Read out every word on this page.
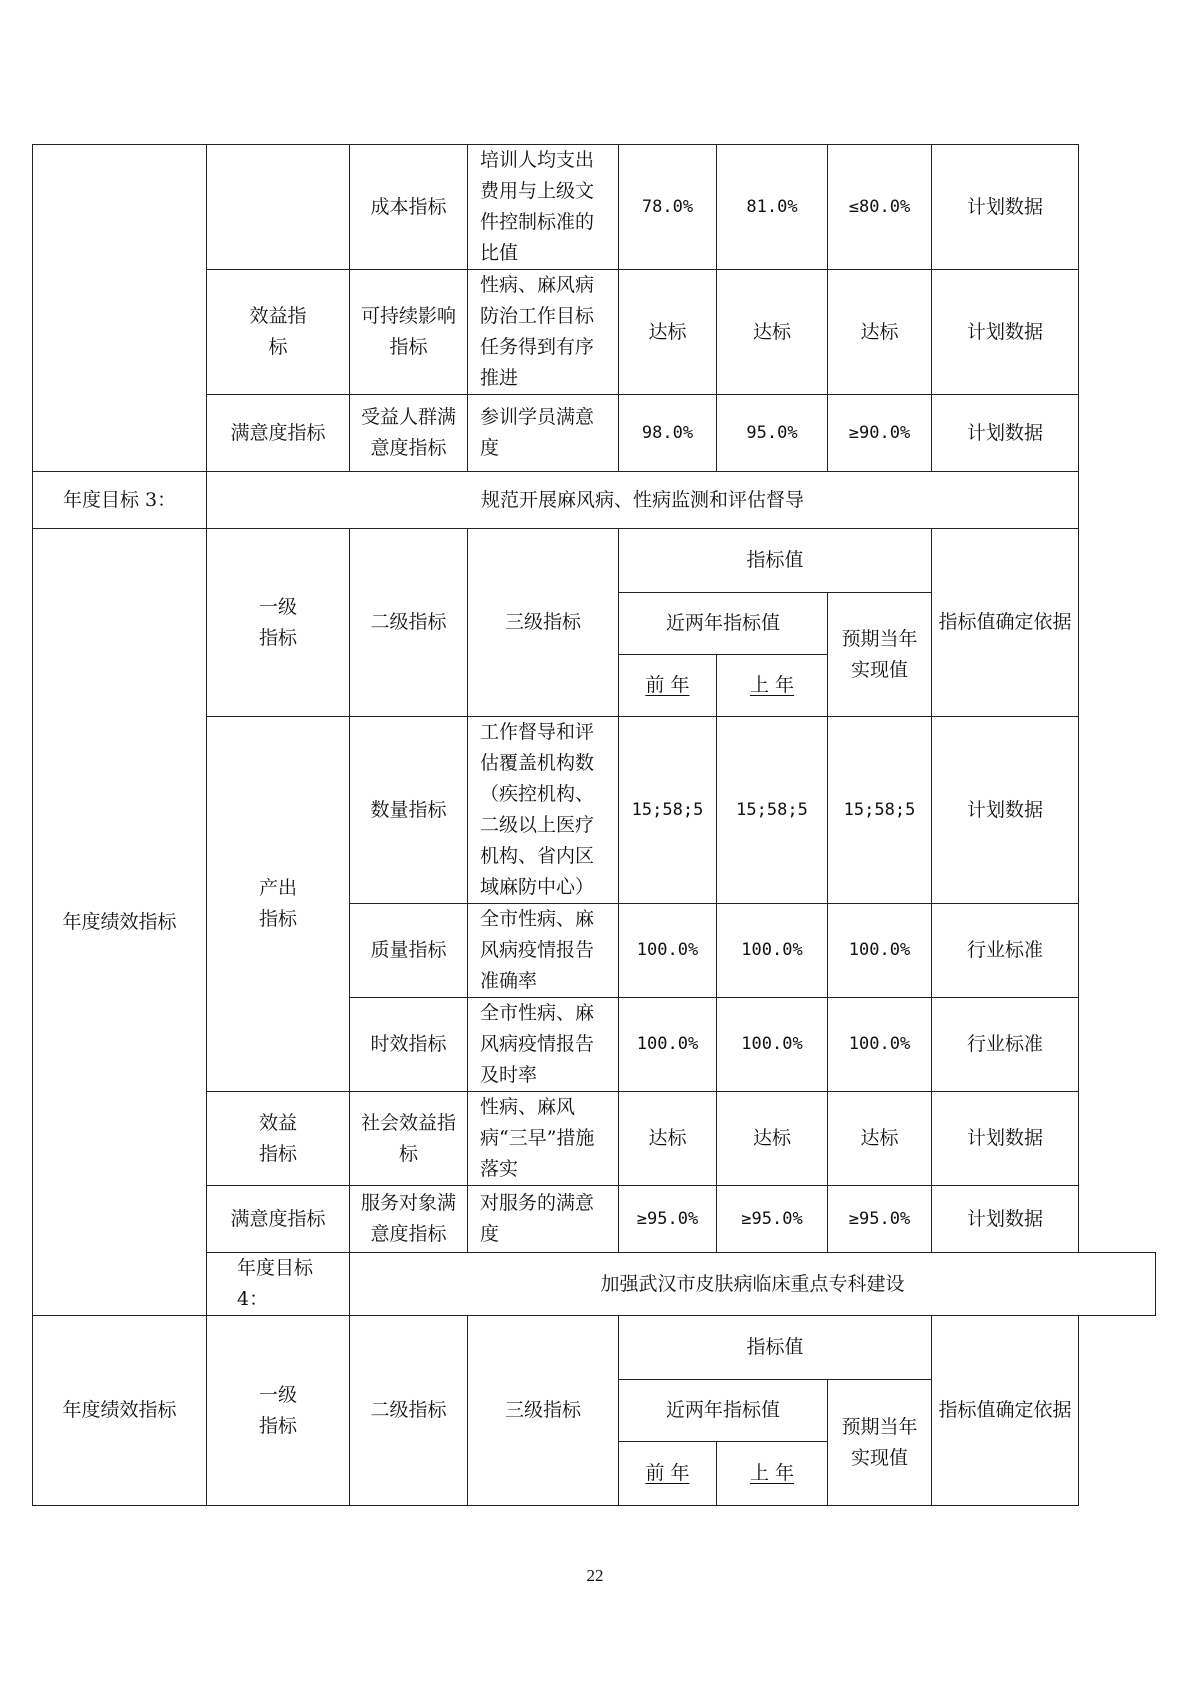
		成本指标	培训人均支出费用与上级文件控制标准的比值	78.0%	81.0%	≤80.0%	计划数据

	效益指标	可持续影响指标	性病、麻风病防治工作目标任务得到有序推进	达标	达标	达标	计划数据
	满意度指标	受益人群满意度指标	参训学员满意度	98.0%	95.0%	≥90.0%	计划数据
年度目标 3：	规范开展麻风病、性病监测和评估督导						
年度绩效指标	一级指标	二级指标	三级指标	指标值			指标值确定依据
				近两年指标值		预期当年实现值	

				前 年	上 年		

	产出指标	数量指标	工作督导和评估覆盖机构数（疾控机构、二级以上医疗机构、省内区域麻防中心）	15;58;5	15;58;5	15;58;5	计划数据
		质量指标	全市性病、麻风病疫情报告准确率	100.0%	100.0%	100.0%	行业标准
		时效指标	全市性病、麻风病疫情报告及时率	100.0%	100.0%	100.0%	行业标准

	效益指标	社会效益指标	性病、麻风病“三早”措施落实	达标	达标	达标	计划数据
	满意度指标	服务对象满意度指标	对服务的满意度	≥95.0%	≥95.0%	≥95.0%	计划数据
	年度目标 4：	加强武汉市皮肤病临床重点专科建设					
年度绩效指标	一级指标	二级指标	三级指标	指标值			指标值确定依据
				近两年指标值		预期当年实现值	

				前 年	上 年		
22
